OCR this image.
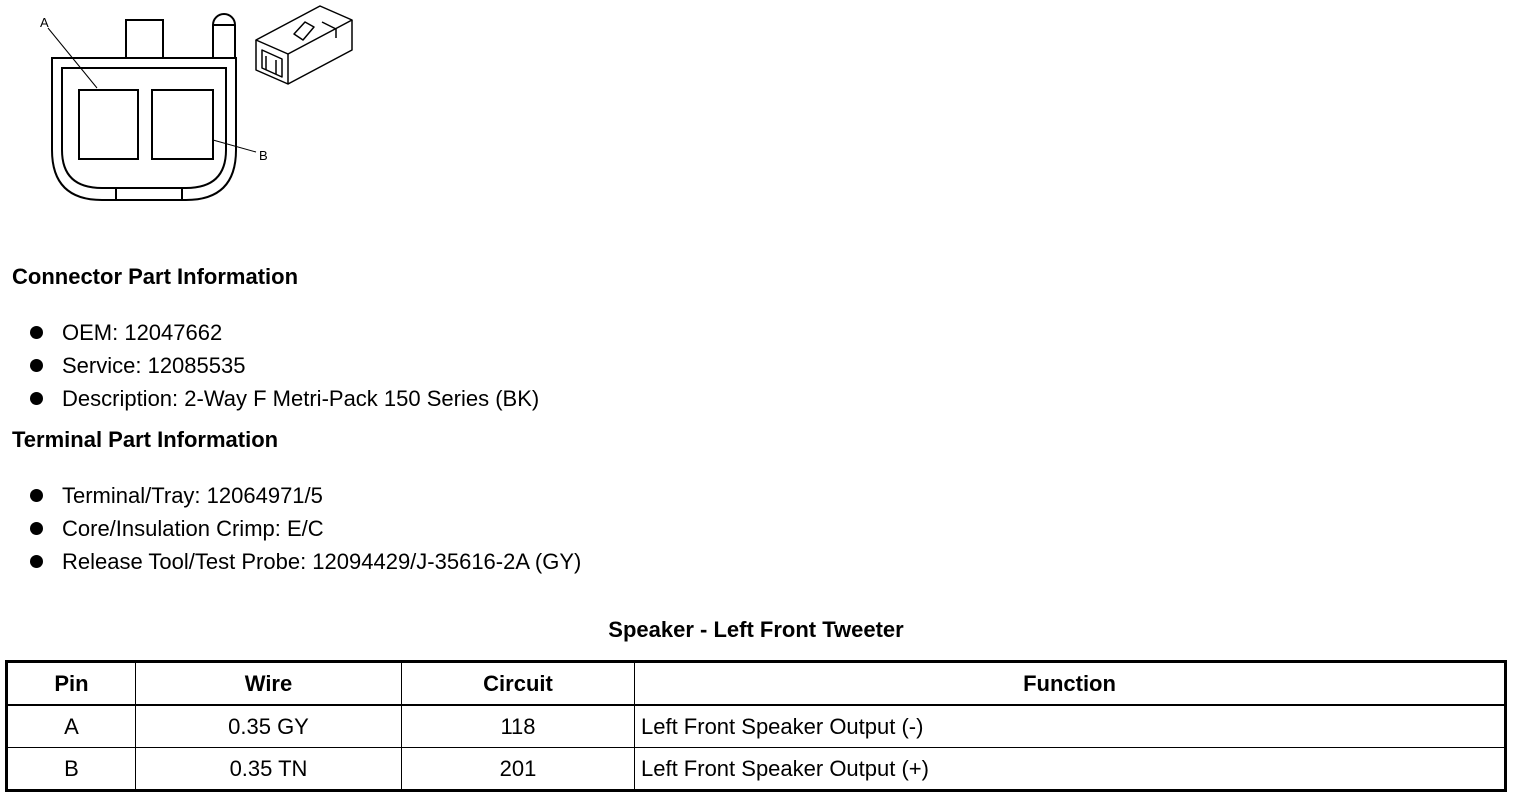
A
B
Connector Part Information
OEM: 12047662
Service: 12085535
Description: 2-Way F Metri-Pack 150 Series (BK)
Terminal Part Information
Terminal/Tray: 12064971/5
Core/Insulation Crimp: E/C
Release Tool/Test Probe: 12094429/J-35616-2A (GY)
Speaker - Left Front Tweeter
Pin	Wire	Circuit	Function
A	0.35 GY	118	Left Front Speaker Output (-)
B	0.35 TN	201	Left Front Speaker Output (+)
